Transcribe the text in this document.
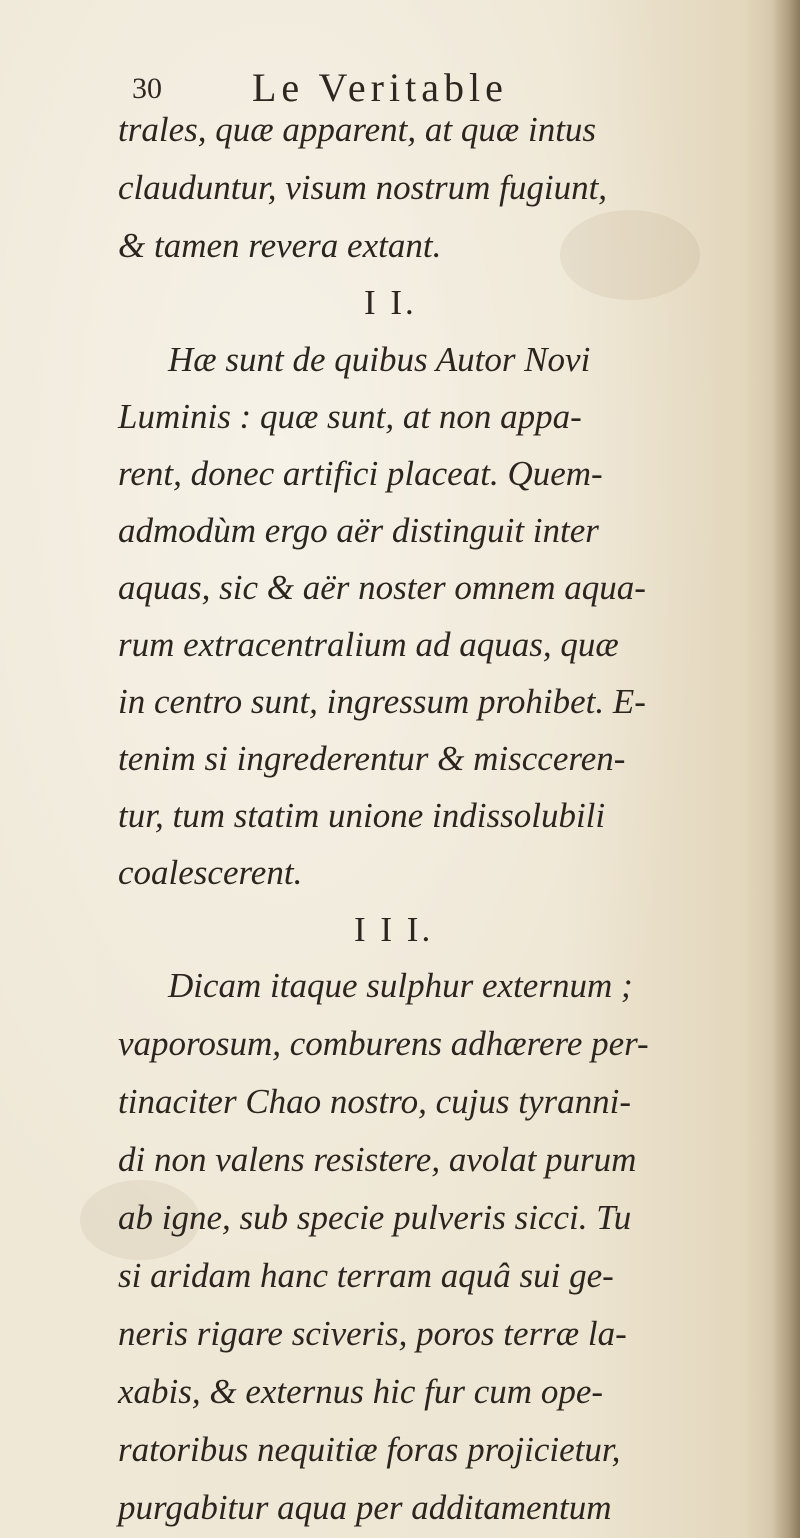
30 Le Veritable
trales, quæ apparent, at quæ intus
clauduntur, visum nostrum fugiunt,
& tamen revera extant.
I I.
Hæ sunt de quibus Autor Novi
Luminis : quæ sunt, at non appa-
rent, donec artifici placeat. Quem-
admodùm ergo aër distinguit inter
aquas, sic & aër noster omnem aqua-
rum extracentralium ad aquas, quæ
in centro sunt, ingressum prohibet. E-
tenim si ingrederentur & miscceren-
tur, tum statim unione indissolubili
coalescerent.
I I I.
Dicam itaque sulphur externum ;
vaporosum, comburens adhærere per-
tinaciter Chao nostro, cujus tyranni-
di non valens resistere, avolat purum
ab igne, sub specie pulveris sicci. Tu
si aridam hanc terram aquâ sui ge-
neris rigare sciveris, poros terræ la-
xabis, & externus hic fur cum ope-
ratoribus nequitiæ foras projicietur,
purgabitur aqua per additamentum
